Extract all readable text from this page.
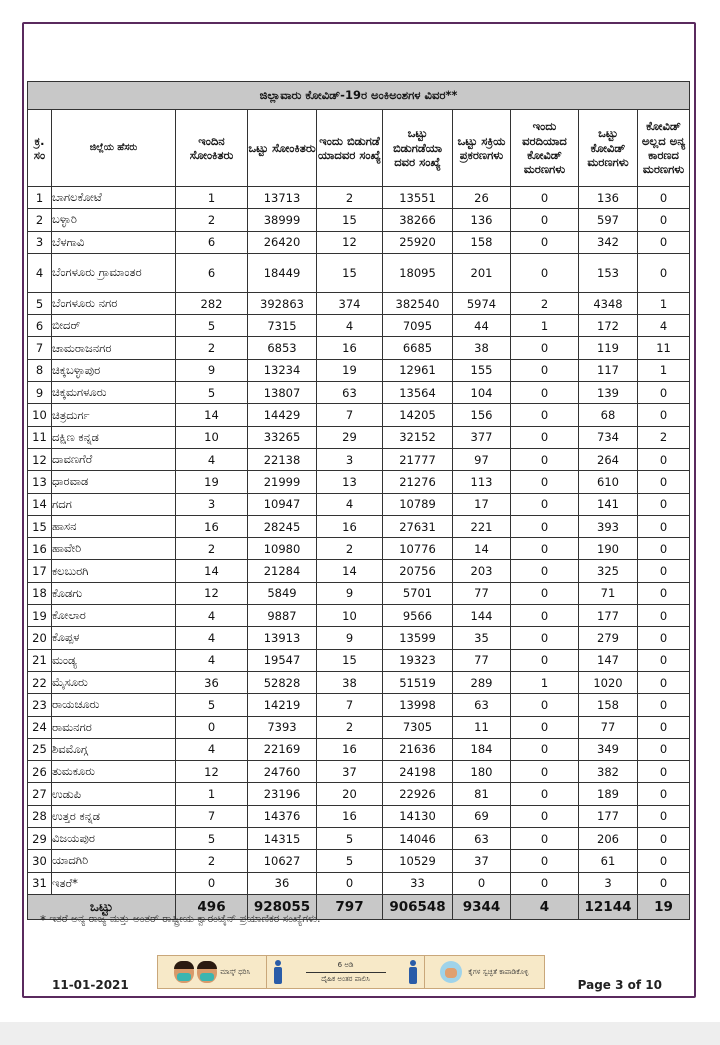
ಜಿಲ್ಲಾವಾರು ಕೋವಿಡ್-19ರ ಅಂಕಿಅಂಶಗಳ ವಿವರ**									
ಕ್ರ. ಸಂ	ಜಿಲ್ಲೆಯ ಹೆಸರು	ಇಂದಿನ ಸೋಂಕಿತರು	ಒಟ್ಟು ಸೋಂಕಿತರು	ಇಂದು ಬಿಡುಗಡೆ ಯಾದವರ ಸಂಖ್ಯೆ	ಒಟ್ಟು ಬಿಡುಗಡೆಯಾ ದವರ ಸಂಖ್ಯೆ	ಒಟ್ಟು ಸಕ್ರಿಯ ಪ್ರಕರಣಗಳು	ಇಂದು ವರದಿಯಾದ ಕೋವಿಡ್ ಮರಣಗಳು	ಒಟ್ಟು ಕೋವಿಡ್ ಮರಣಗಳು	ಕೋವಿಡ್ ಅಲ್ಲದ ಅನ್ಯ ಕಾರಣದ ಮರಣಗಳು
1	ಬಾಗಲಕೋಟೆ	1	13713	2	13551	26	0	136	0
2	ಬಳ್ಳಾರಿ	2	38999	15	38266	136	0	597	0
3	ಬೆಳಗಾವಿ	6	26420	12	25920	158	0	342	0
4	ಬೆಂಗಳೂರು ಗ್ರಾಮಾಂತರ	6	18449	15	18095	201	0	153	0
5	ಬೆಂಗಳೂರು ನಗರ	282	392863	374	382540	5974	2	4348	1
6	ಬೀದರ್	5	7315	4	7095	44	1	172	4
7	ಚಾಮರಾಜನಗರ	2	6853	16	6685	38	0	119	11
8	ಚಿಕ್ಕಬಳ್ಳಾಪುರ	9	13234	19	12961	155	0	117	1
9	ಚಿಕ್ಕಮಗಳೂರು	5	13807	63	13564	104	0	139	0
10	ಚಿತ್ರದುರ್ಗ	14	14429	7	14205	156	0	68	0
11	ದಕ್ಷಿಣ ಕನ್ನಡ	10	33265	29	32152	377	0	734	2
12	ದಾವಣಗೆರೆ	4	22138	3	21777	97	0	264	0
13	ಧಾರವಾಡ	19	21999	13	21276	113	0	610	0
14	ಗದಗ	3	10947	4	10789	17	0	141	0
15	ಹಾಸನ	16	28245	16	27631	221	0	393	0
16	ಹಾವೇರಿ	2	10980	2	10776	14	0	190	0
17	ಕಲಬುರಗಿ	14	21284	14	20756	203	0	325	0
18	ಕೊಡಗು	12	5849	9	5701	77	0	71	0
19	ಕೋಲಾರ	4	9887	10	9566	144	0	177	0
20	ಕೊಪ್ಪಳ	4	13913	9	13599	35	0	279	0
21	ಮಂಡ್ಯ	4	19547	15	19323	77	0	147	0
22	ಮೈಸೂರು	36	52828	38	51519	289	1	1020	0
23	ರಾಯಚೂರು	5	14219	7	13998	63	0	158	0
24	ರಾಮನಗರ	0	7393	2	7305	11	0	77	0
25	ಶಿವಮೊಗ್ಗ	4	22169	16	21636	184	0	349	0
26	ತುಮಕೂರು	12	24760	37	24198	180	0	382	0
27	ಉಡುಪಿ	1	23196	20	22926	81	0	189	0
28	ಉತ್ತರ ಕನ್ನಡ	7	14376	16	14130	69	0	177	0
29	ವಿಜಯಪುರ	5	14315	5	14046	63	0	206	0
30	ಯಾದಗಿರಿ	2	10627	5	10529	37	0	61	0
31	ಇತರೆ*	0	36	0	33	0	0	3	0
ಒಟ್ಟು		496	928055	797	906548	9344	4	12144	19
* ಇತರೆ ಅನ್ಯ ರಾಜ್ಯ ಮತ್ತು ಅಂತರ್ ರಾಷ್ಟ್ರೀಯ ಕ್ವಾರಂಟೈನ್ ಪ್ರಯಾಣಿಕರ ಸಂಖ್ಯೆಗಳು.
ಮಾಸ್ಕ್ ಧರಿಸಿ
6 ಅಡಿ
ದೈಹಿಕ ಅಂತರ ಪಾಲಿಸಿ
ಕೈಗಳ ಸ್ವಚ್ಛತೆ ಕಾಪಾಡಿಕೊಳ್ಳಿ
11-01-2021	Page 3 of 10
